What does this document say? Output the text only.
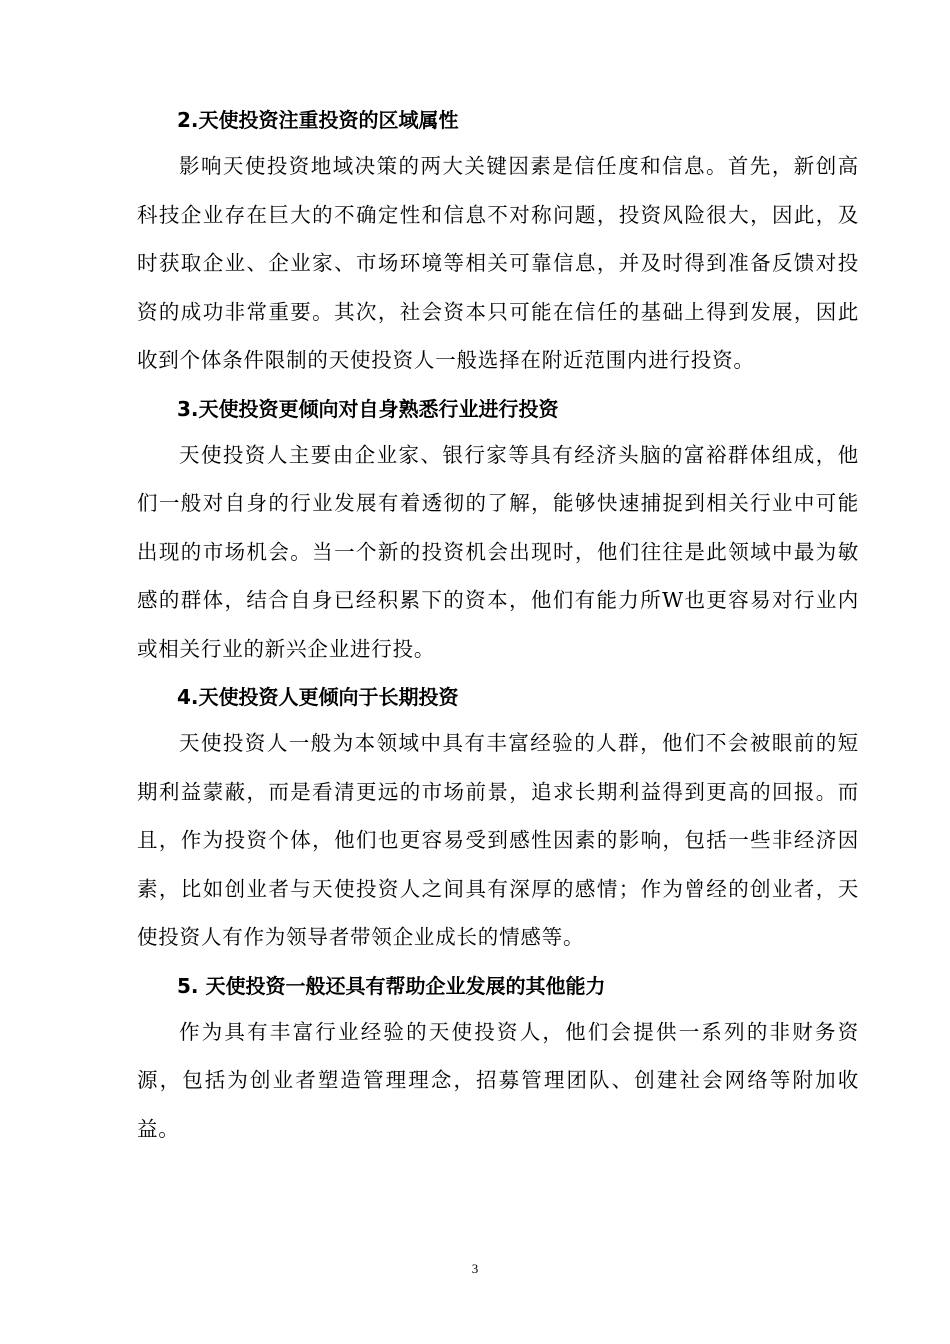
2.天使投资注重投资的区域属性

影响天使投资地域决策的两大关键因素是信任度和信息。首先，新创高科技企业存在巨大的不确定性和信息不对称问题，投资风险很大，因此，及时获取企业、企业家、市场环境等相关可靠信息，并及时得到准备反馈对投资的成功非常重要。其次，社会资本只可能在信任的基础上得到发展，因此收到个体条件限制的天使投资人一般选择在附近范围内进行投资。

3.天使投资更倾向对自身熟悉行业进行投资

天使投资人主要由企业家、银行家等具有经济头脑的富裕群体组成，他们一般对自身的行业发展有着透彻的了解，能够快速捕捉到相关行业中可能出现的市场机会。当一个新的投资机会出现时，他们往往是此领域中最为敏感的群体，结合自身已经积累下的资本，他们有能力所W也更容易对行业内或相关行业的新兴企业进行投。

4.天使投资人更倾向于长期投资

天使投资人一般为本领域中具有丰富经验的人群，他们不会被眼前的短期利益蒙蔽，而是看清更远的市场前景，追求长期利益得到更高的回报。而且，作为投资个体，他们也更容易受到感性因素的影响，包括一些非经济因素，比如创业者与天使投资人之间具有深厚的感情；作为曾经的创业者，天使投资人有作为领导者带领企业成长的情感等。

5. 天使投资一般还具有帮助企业发展的其他能力

作为具有丰富行业经验的天使投资人，他们会提供一系列的非财务资源，包括为创业者塑造管理理念，招募管理团队、创建社会网络等附加收益。

3
